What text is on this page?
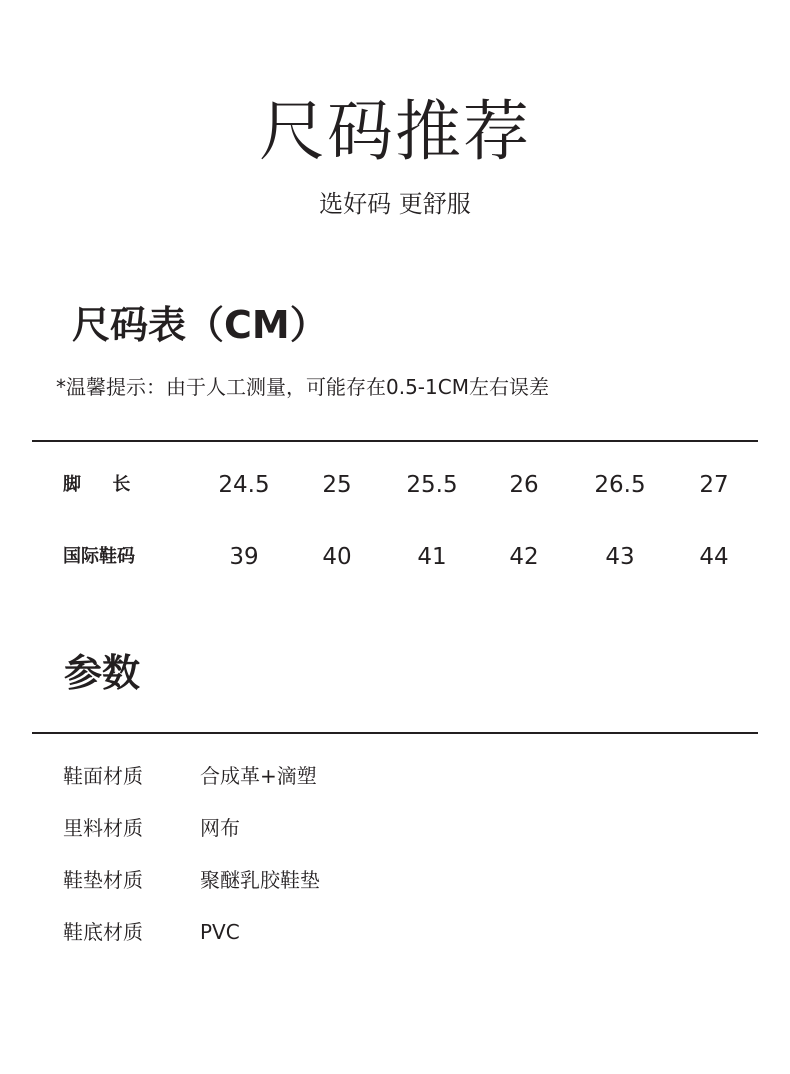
尺码推荐
选好码 更舒服
尺码表（CM）
*温馨提示：由于人工测量，可能存在0.5-1CM左右误差
脚     长	24.5	25	25.5	26	26.5	27
国际鞋码	39	40	41	42	43	44
参数
鞋面材质	合成革+滴塑
里料材质	网布
鞋垫材质	聚醚乳胶鞋垫
鞋底材质	PVC
